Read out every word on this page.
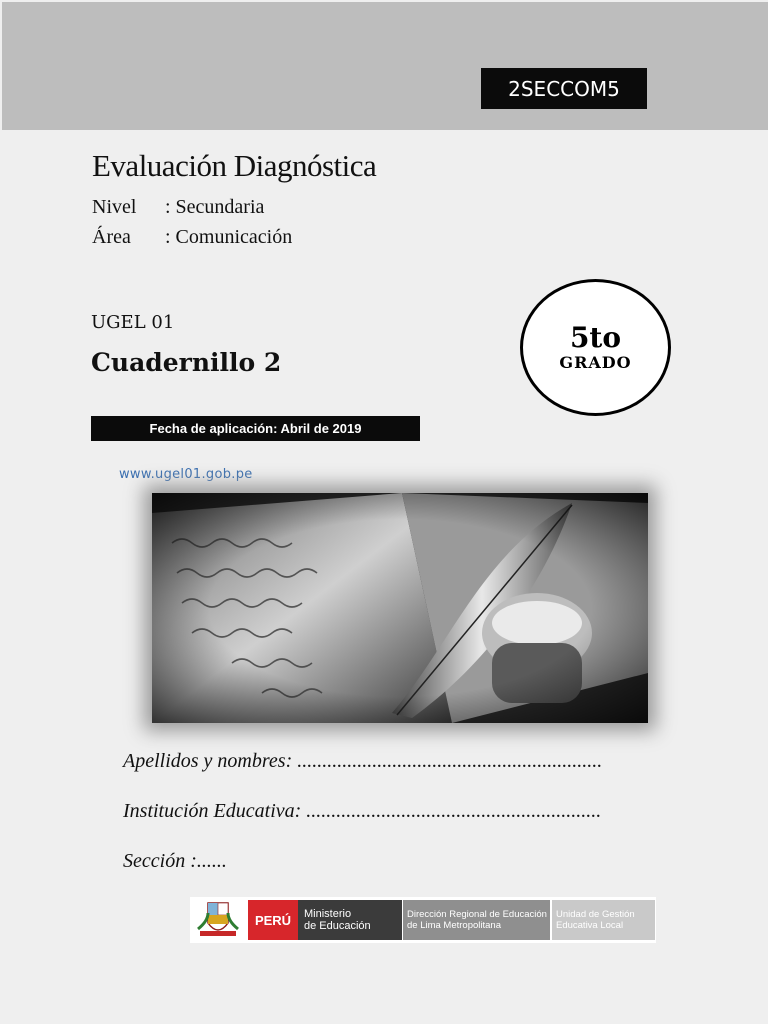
2SECCOM5
Evaluación Diagnóstica
Nivel : Secundaria
Área : Comunicación
UGEL 01
Cuadernillo 2
5to
GRADO
Fecha de aplicación: Abril de 2019
www.ugel01.gob.pe
Apellidos y nombres: .............................................................
Institución Educativa: ...........................................................
Sección :......
PERÚ	Ministerio
de Educación
Dirección Regional de Educación
de Lima Metropolitana
Unidad de Gestión
Educativa Local
